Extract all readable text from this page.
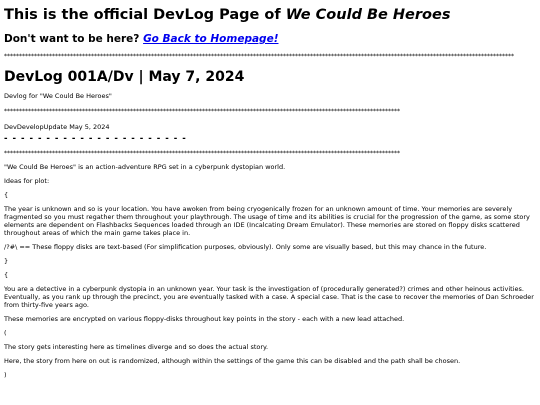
This is the official DevLog Page of We Could Be Heroes
Don't want to be here? Go Back to Homepage!
**************************************************************************************************************************************************************************
DevLog 001A/Dv | May 7, 2024

Devlog for "We Could Be Heroes"

************************************************************************************************************************************

DevDevelopUpdate May 5, 2024

- - - - - - - - - - - - - - - - - - - - - -
************************************************************************************************************************************

"We Could Be Heroes" is an action-adventure RPG set in a cyberpunk dystopian world.

Ideas for plot:

{

The year is unknown and so is your location. You have awoken from being cryogenically frozen for an unknown amount of time. Your memories are severely fragmented so you must regather them throughout your playthrough. The usage of time and its abilities is crucial for the progression of the game, as some story elements are dependent on Flashbacks Sequences loaded through an IDE (Incalcating Dream Emulator). These memories are stored on floppy disks scattered throughout areas of which the main game takes place in.

/?#\ == These floppy disks are text-based (For simplification purposes, obviously). Only some are visually based, but this may chance in the future.

}

{

You are a detective in a cyberpunk dystopia in an unknown year. Your task is the investigation of (procedurally generated?) crimes and other heinous activities. Eventually, as you rank up through the precinct, you are eventually tasked with a case. A special case. That is the case to recover the memories of Dan Schroeder from thirty-five years ago.

These memories are encrypted on various floppy-disks throughout key points in the story - each with a new lead attached.

(

The story gets interesting here as timelines diverge and so does the actual story.

Here, the story from here on out is randomized, although within the settings of the game this can be disabled and the path shall be chosen.

)
